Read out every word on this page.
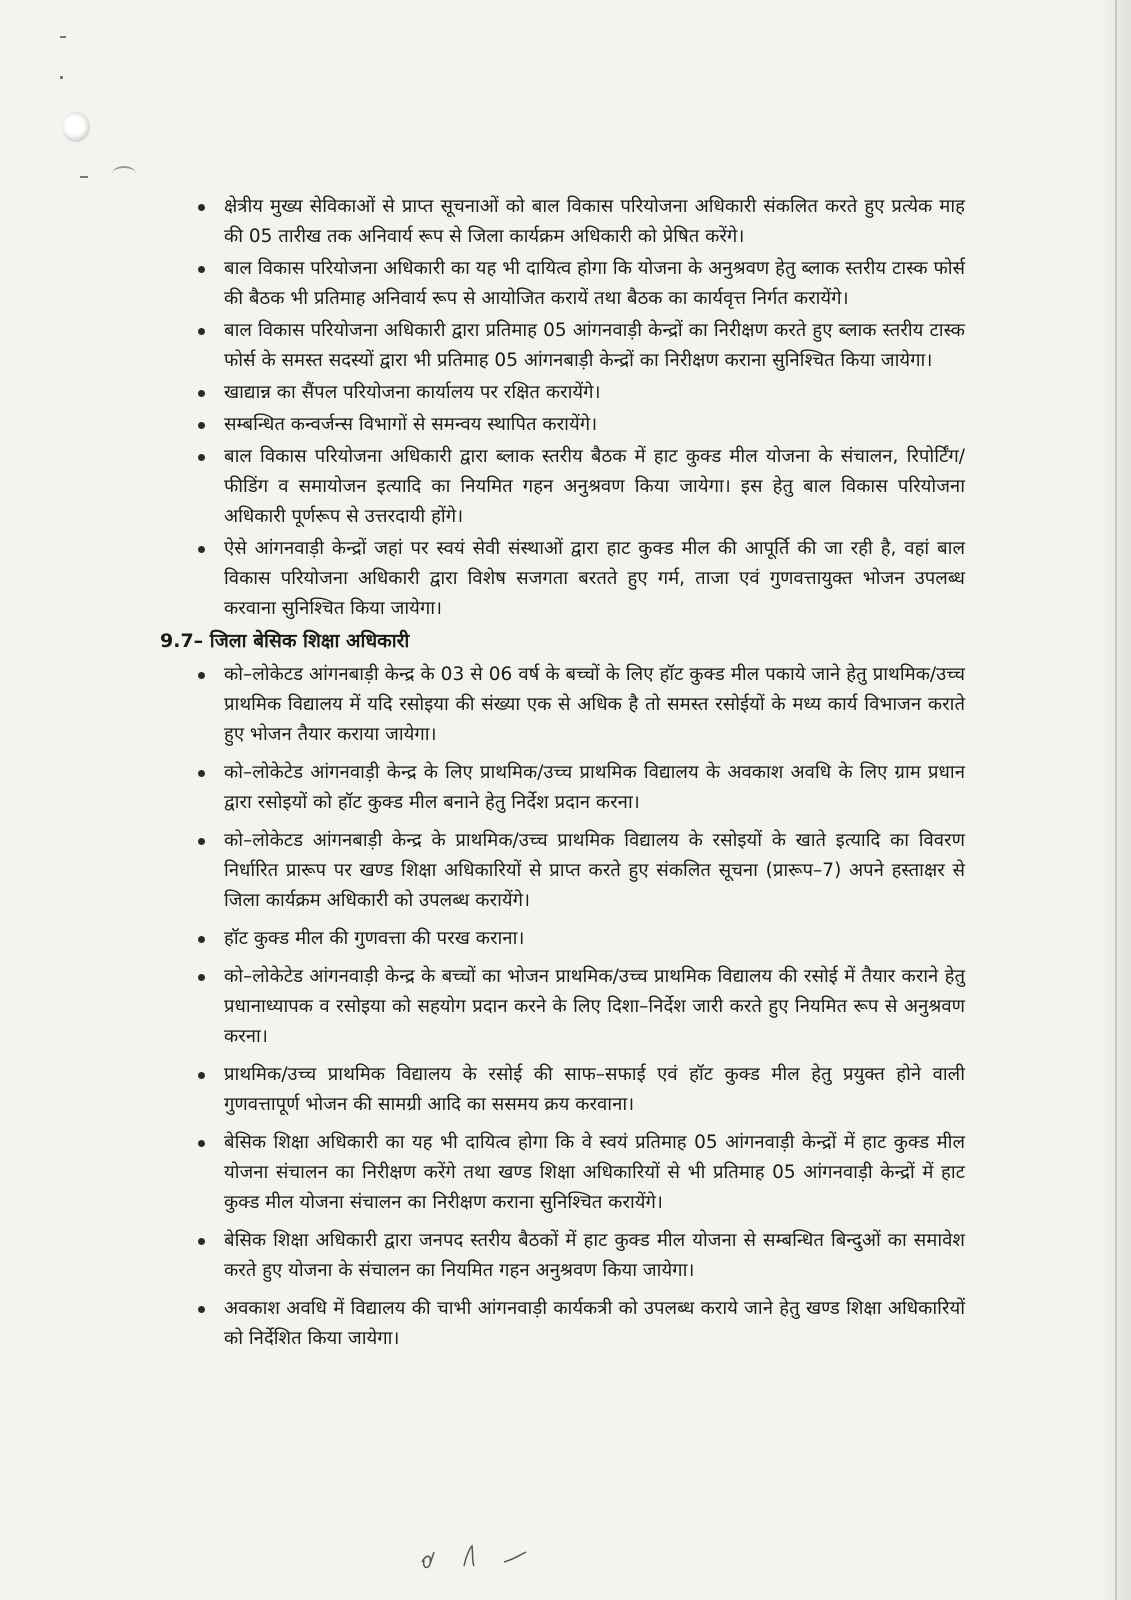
क्षेत्रीय मुख्य सेविकाओं से प्राप्त सूचनाओं को बाल विकास परियोजना अधिकारी संकलित करते हुए प्रत्येक माह की 05 तारीख तक अनिवार्य रूप से जिला कार्यक्रम अधिकारी को प्रेषित करेंगे।
बाल विकास परियोजना अधिकारी का यह भी दायित्व होगा कि योजना के अनुश्रवण हेतु ब्लाक स्तरीय टास्क फोर्स की बैठक भी प्रतिमाह अनिवार्य रूप से आयोजित करायें तथा बैठक का कार्यवृत्त निर्गत करायेंगे।
बाल विकास परियोजना अधिकारी द्वारा प्रतिमाह 05 आंगनवाड़ी केन्द्रों का निरीक्षण करते हुए ब्लाक स्तरीय टास्क फोर्स के समस्त सदस्यों द्वारा भी प्रतिमाह 05 आंगनबाड़ी केन्द्रों का निरीक्षण कराना सुनिश्चित किया जायेगा।
खाद्यान्न का सैंपल परियोजना कार्यालय पर रक्षित करायेंगे।
सम्बन्धित कन्वर्जन्स विभागों से समन्वय स्थापित करायेंगे।
बाल विकास परियोजना अधिकारी द्वारा ब्लाक स्तरीय बैठक में हाट कुक्ड मील योजना के संचालन, रिपोर्टिंग/फीडिंग व समायोजन इत्यादि का नियमित गहन अनुश्रवण किया जायेगा। इस हेतु बाल विकास परियोजना अधिकारी पूर्णरूप से उत्तरदायी होंगे।
ऐसे आंगनवाड़ी केन्द्रों जहां पर स्वयं सेवी संस्थाओं द्वारा हाट कुक्ड मील की आपूर्ति की जा रही है, वहां बाल विकास परियोजना अधिकारी द्वारा विशेष सजगता बरतते हुए गर्म, ताजा एवं गुणवत्तायुक्त भोजन उपलब्ध करवाना सुनिश्चित किया जायेगा।
9.7– जिला बेसिक शिक्षा अधिकारी
को–लोकेटड आंगनबाड़ी केन्द्र के 03 से 06 वर्ष के बच्चों के लिए हॉट कुक्ड मील पकाये जाने हेतु प्राथमिक/उच्च प्राथमिक विद्यालय में यदि रसोइया की संख्या एक से अधिक है तो समस्त रसोईयों के मध्य कार्य विभाजन कराते हुए भोजन तैयार कराया जायेगा।
को–लोकेटेड आंगनवाड़ी केन्द्र के लिए प्राथमिक/उच्च प्राथमिक विद्यालय के अवकाश अवधि के लिए ग्राम प्रधान द्वारा रसोइयों को हॉट कुक्ड मील बनाने हेतु निर्देश प्रदान करना।
को–लोकेटड आंगनबाड़ी केन्द्र के प्राथमिक/उच्च प्राथमिक विद्यालय के रसोइयों के खाते इत्यादि का विवरण निर्धारित प्रारूप पर खण्ड शिक्षा अधिकारियों से प्राप्त करते हुए संकलित सूचना (प्रारूप–7) अपने हस्ताक्षर से जिला कार्यक्रम अधिकारी को उपलब्ध करायेंगे।
हॉट कुक्ड मील की गुणवत्ता की परख कराना।
को–लोकेटेड आंगनवाड़ी केन्द्र के बच्चों का भोजन प्राथमिक/उच्च प्राथमिक विद्यालय की रसोई में तैयार कराने हेतु प्रधानाध्यापक व रसोइया को सहयोग प्रदान करने के लिए दिशा–निर्देश जारी करते हुए नियमित रूप से अनुश्रवण करना।
प्राथमिक/उच्च प्राथमिक विद्यालय के रसोई की साफ–सफाई एवं हॉट कुक्ड मील हेतु प्रयुक्त होने वाली गुणवत्तापूर्ण भोजन की सामग्री आदि का ससमय क्रय करवाना।
बेसिक शिक्षा अधिकारी का यह भी दायित्व होगा कि वे स्वयं प्रतिमाह 05 आंगनवाड़ी केन्द्रों में हाट कुक्ड मील योजना संचालन का निरीक्षण करेंगे तथा खण्ड शिक्षा अधिकारियों से भी प्रतिमाह 05 आंगनवाड़ी केन्द्रों में हाट कुक्ड मील योजना संचालन का निरीक्षण कराना सुनिश्चित करायेंगे।
बेसिक शिक्षा अधिकारी द्वारा जनपद स्तरीय बैठकों में हाट कुक्ड मील योजना से सम्बन्धित बिन्दुओं का समावेश करते हुए योजना के संचालन का नियमित गहन अनुश्रवण किया जायेगा।
अवकाश अवधि में विद्यालय की चाभी आंगनवाड़ी कार्यकत्री को उपलब्ध कराये जाने हेतु खण्ड शिक्षा अधिकारियों को निर्देशित किया जायेगा।
